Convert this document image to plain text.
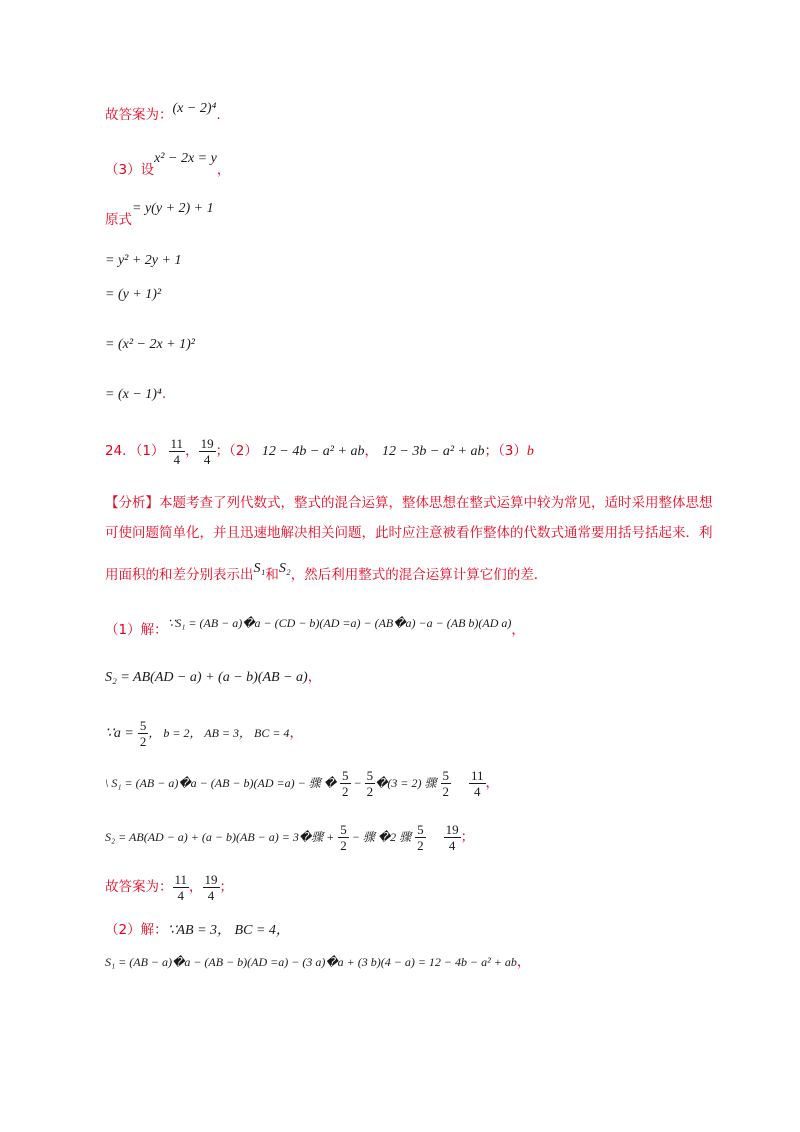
故答案为：(x − 2)⁴.
（3）设x² − 2x = y，
原式= y(y + 2) + 1
= y² + 2y + 1
= (y + 1)²
= (x² − 2x + 1)²
= (x − 1)⁴.
24．$(1) \frac{11}{4}$ ， $\frac{19}{4}$ ；（2） 12 − 4b − a² + ab， 12 − 3b − a² + ab；（3）b
【分析】本题考查了列代数式，整式的混合运算，整体思想在整式运算中较为常见，适时采用整体思想可使问题简单化，并且迅速地解决相关问题，此时应注意被看作整体的代数式通常要用括号括起来．利
用面积的和差分别表示出S₁和S₂，然后利用整式的混合运算计算它们的差．
（1）解：$^{\because S_1 = (AB - a)�a - (CD - b)(AD =a) - (AB�a) -a - (AB b)(AD a)}$，
S₂ = AB(AD − a) + (a − b)(AB − a)，
∵a = $\frac{5}{2}$ ， b = 2， AB = 3， BC = 4，
\ S₁ = (AB − a)�a − (AB − b)(AD =a) − 骤 � $\frac{5}{2} - \frac{5}{2}$ �(3 = 2) 骤 $\frac{5}{2}$
$\frac{11}{4}$ ，
S₂ = AB(AD − a) + (a − b)(AB − a) = 3�骤 + $\frac{5}{2}$ − 骤 �2 骤 $\frac{5}{2}$
$\frac{19}{4}$ ；
故答案为： $\frac{11}{4}$ ， $\frac{19}{4}$ ；
（2）解：∵AB = 3， BC = 4，
S₁ = (AB − a)�a − (AB − b)(AD =a) − (3 a)�a + (3 b)(4 − a) = 12 − 4b − a² + ab，
